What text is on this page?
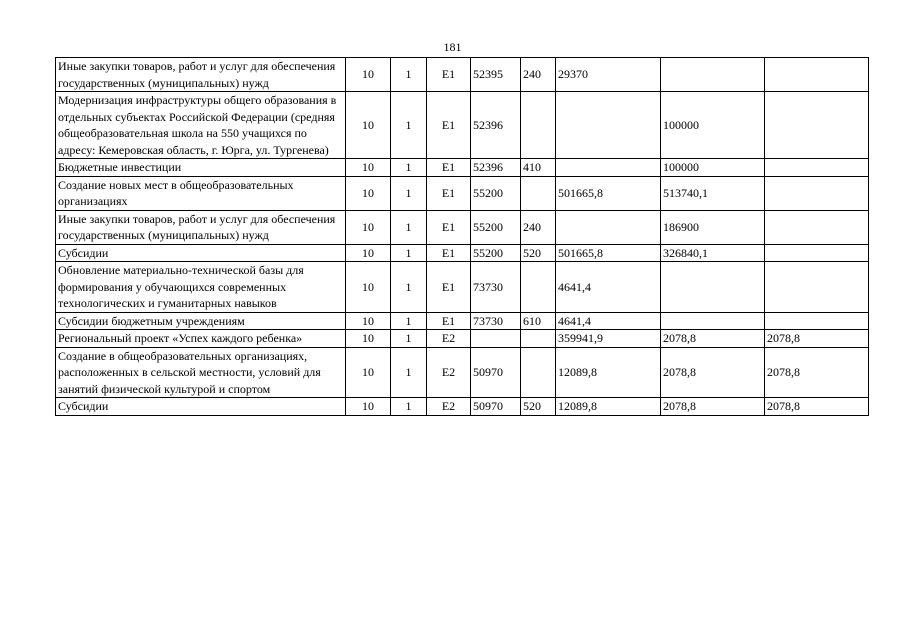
181
Иные закупки товаров, работ и услуг для обеспечения государственных (муниципальных) нужд	10	1	E1	52395	240	29370		
Модернизация инфраструктуры общего образования в отдельных субъектах Российской Федерации (средняя общеобразовательная школа на 550 учащихся по адресу: Кемеровская область, г. Юрга, ул. Тургенева)	10	1	E1	52396			100000	
Бюджетные инвестиции	10	1	E1	52396	410		100000	
Создание новых мест в общеобразовательных организациях	10	1	E1	55200		501665,8	513740,1	
Иные закупки товаров, работ и услуг для обеспечения государственных (муниципальных) нужд	10	1	E1	55200	240		186900	
Субсидии	10	1	E1	55200	520	501665,8	326840,1	
Обновление материально-технической базы для формирования у обучающихся современных технологических и гуманитарных навыков	10	1	E1	73730		4641,4		
Субсидии бюджетным учреждениям	10	1	E1	73730	610	4641,4		
Региональный проект «Успех каждого ребенка»	10	1	E2			359941,9	2078,8	2078,8
Создание в общеобразовательных организациях, расположенных в сельской местности, условий для занятий физической культурой и спортом	10	1	E2	50970		12089,8	2078,8	2078,8
Субсидии	10	1	E2	50970	520	12089,8	2078,8	2078,8
